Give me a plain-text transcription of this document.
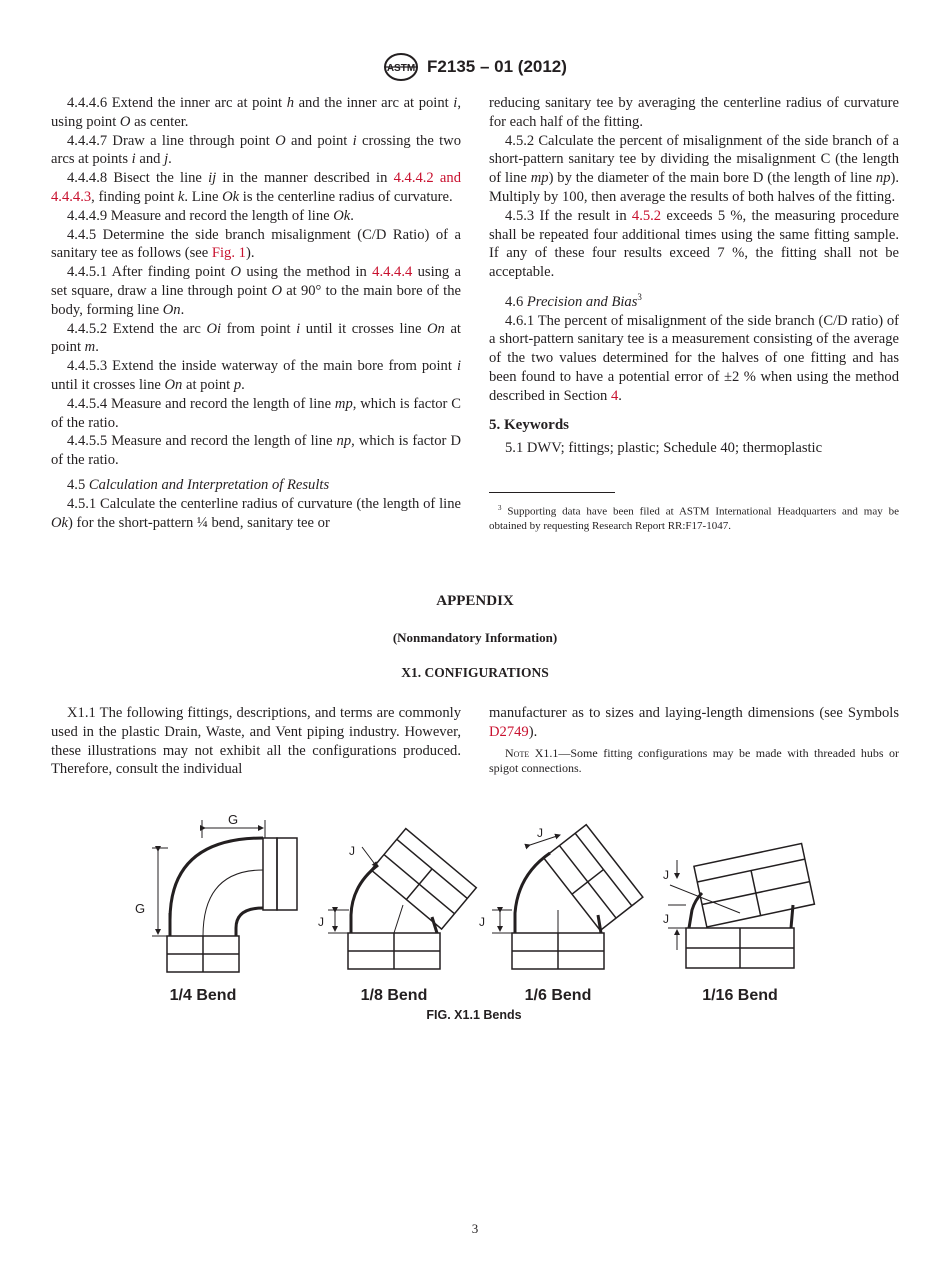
ASTM F2135 – 01 (2012)

4.4.4.6 Extend the inner arc at point h and the inner arc at point i, using point O as center.

4.4.4.7 Draw a line through point O and point i crossing the two arcs at points i and j.

4.4.4.8 Bisect the line ij in the manner described in 4.4.4.2 and 4.4.4.3, finding point k. Line Ok is the centerline radius of curvature.

4.4.4.9 Measure and record the length of line Ok.

4.4.5 Determine the side branch misalignment (C/D Ratio) of a sanitary tee as follows (see Fig. 1).

4.4.5.1 After finding point O using the method in 4.4.4.4 using a set square, draw a line through point O at 90° to the main bore of the body, forming line On.

4.4.5.2 Extend the arc Oi from point i until it crosses line On at point m.

4.4.5.3 Extend the inside waterway of the main bore from point i until it crosses line On at point p.

4.4.5.4 Measure and record the length of line mp, which is factor C of the ratio.

4.4.5.5 Measure and record the length of line np, which is factor D of the ratio.

4.5 Calculation and Interpretation of Results

4.5.1 Calculate the centerline radius of curvature (the length of line Ok) for the short-pattern ¼ bend, sanitary tee or

reducing sanitary tee by averaging the centerline radius of curvature for each half of the fitting.

4.5.2 Calculate the percent of misalignment of the side branch of a short-pattern sanitary tee by dividing the misalignment C (the length of line mp) by the diameter of the main bore D (the length of line np). Multiply by 100, then average the results of both halves of the fitting.

4.5.3 If the result in 4.5.2 exceeds 5 %, the measuring procedure shall be repeated four additional times using the same fitting sample. If any of these four results exceed 7 %, the fitting shall not be acceptable.

4.6 Precision and Bias$^3$

4.6.1 The percent of misalignment of the side branch (C/D ratio) of a short-pattern sanitary tee is a measurement consisting of the average of the two values determined for the halves of one fitting and has been found to have a potential error of ±2 % when using the method described in Section 4.

5. Keywords

5.1 DWV; fittings; plastic; Schedule 40; thermoplastic

$^3$ Supporting data have been filed at ASTM International Headquarters and may be obtained by requesting Research Report RR:F17-1047.

APPENDIX
(Nonmandatory Information)
X1. CONFIGURATIONS

X1.1 The following fittings, descriptions, and terms are commonly used in the plastic Drain, Waste, and Vent piping industry. However, these illustrations may not exhibit all the configurations produced. Therefore, consult the individual

manufacturer as to sizes and laying-length dimensions (see Symbols D2749).

Note X1.1—Some fitting configurations may be made with threaded hubs or spigot connections.

G
G
J
J
J
J
J
J
1/4 Bend	1/8 Bend	1/6 Bend	1/16 Bend
FIG. X1.1 Bends
3
